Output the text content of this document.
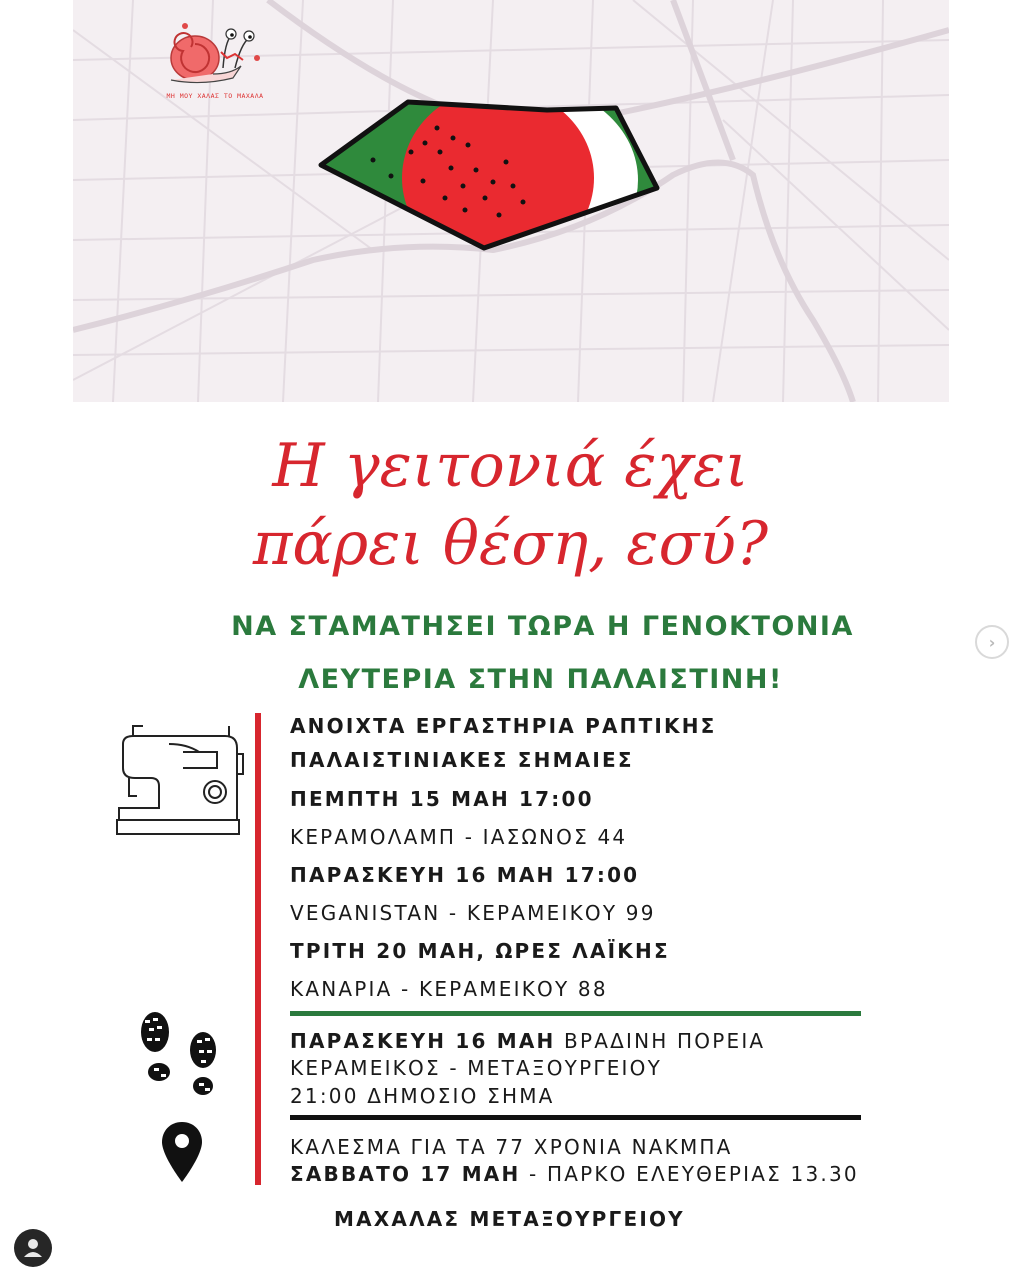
ΜΗ ΜΟΥ ΧΑΛΑΣ ΤΟ ΜΑΧΑΛΑ
Η γειτονιά έχει
πάρει θέση, εσύ?
ΝΑ ΣΤΑΜΑΤΗΣΕΙ ΤΩΡΑ Η ΓΕΝΟΚΤΟΝΙΑ
ΛΕΥΤΕΡΙΑ ΣΤΗΝ ΠΑΛΑΙΣΤΙΝΗ!
ΑΝΟΙΧΤΑ ΕΡΓΑΣΤΗΡΙΑ ΡΑΠΤΙΚΗΣ
ΠΑΛΑΙΣΤΙΝΙΑΚΕΣ ΣΗΜΑΙΕΣ
ΠΕΜΠΤΗ 15 ΜΑΗ 17:00
ΚΕΡΑΜΟΛΑΜΠ - ΙΑΣΩΝΟΣ 44
ΠΑΡΑΣΚΕΥΗ 16 ΜΑΗ 17:00
VEGANISTAN - ΚΕΡΑΜΕΙΚΟΥ 99
ΤΡΙΤΗ 20 ΜΑΗ, ΩΡΕΣ ΛΑΪΚΗΣ
ΚΑΝΑΡΙΑ - ΚΕΡΑΜΕΙΚΟΥ 88
ΠΑΡΑΣΚΕΥΗ 16 ΜΑΗ ΒΡΑΔΙΝΗ ΠΟΡΕΙΑ
ΚΕΡΑΜΕΙΚΟΣ - ΜΕΤΑΞΟΥΡΓΕΙΟΥ
21:00 ΔΗΜΟΣΙΟ ΣΗΜΑ
ΚΑΛΕΣΜΑ ΓΙΑ ΤΑ 77 ΧΡΟΝΙΑ ΝΑΚΜΠΑ
ΣΑΒΒΑΤΟ 17 ΜΑΗ - ΠΑΡΚΟ ΕΛΕΥΘΕΡΙΑΣ 13.30
ΜΑΧΑΛΑΣ ΜΕΤΑΞΟΥΡΓΕΙΟΥ
›
